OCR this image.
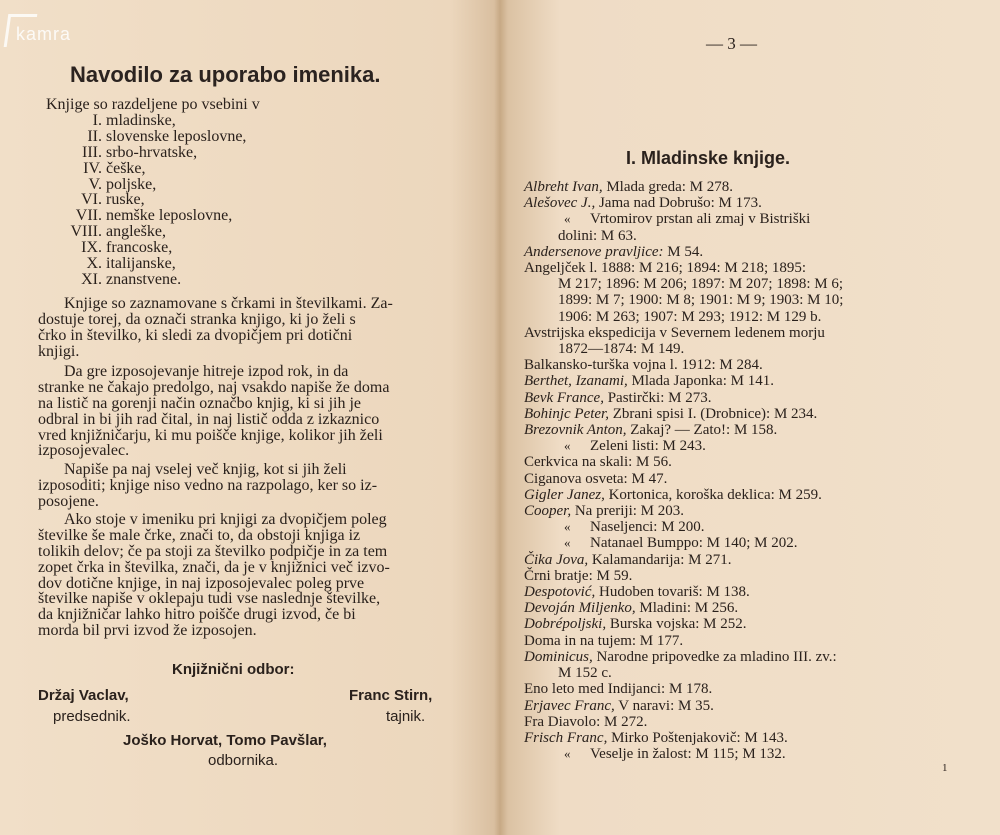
kamra
Navodilo za uporabo imenika.
Knjige so razdeljene po vsebini v
I. mladinske,
II. slovenske leposlovne,
III. srbo-hrvatske,
IV. češke,
V. poljske,
VI. ruske,
VII. nemške leposlovne,
VIII. angleške,
IX. francoske,
X. italijanske,
XI. znanstvene.
Knjige so zaznamovane s črkami in številkami. Za-
dostuje torej, da označi stranka knjigo, ki jo želi s
črko in številko, ki sledi za dvopičjem pri dotični
knjigi.
Da gre izposojevanje hitreje izpod rok, in da
stranke ne čakajo predolgo, naj vsakdo napiše že doma
na listič na gorenji način označbo knjig, ki si jih je
odbral in bi jih rad čital, in naj listič odda z izkaznico
vred knjižničarju, ki mu poišče knjige, kolikor jih želi
izposojevalec.
Napiše pa naj vselej več knjig, kot si jih želi
izposoditi; knjige niso vedno na razpolago, ker so iz-
posojene.
Ako stoje v imeniku pri knjigi za dvopičjem poleg
številke še male črke, znači to, da obstoji knjiga iz
tolikih delov; če pa stoji za številko podpičje in za tem
zopet črka in številka, znači, da je v knjižnici več izvo-
dov dotične knjige, in naj izposojevalec poleg prve
številke napiše v oklepaju tudi vse naslednje številke,
da knjižničar lahko hitro poišče drugi izvod, če bi
morda bil prvi izvod že izposojen.
Knjižnični odbor:
Držaj Vaclav,
predsednik.
Franc Stirn,
tajnik.
Joško Horvat, Tomo Pavšlar,
odbornika.
— 3 —
I. Mladinske knjige.
Albreht Ivan, Mlada greda: M 278.
Alešovec J., Jama nad Dobrušo: M 173.
« Vrtomirov prstan ali zmaj v Bistriški
dolini: M 63.
Andersenove pravljice: M 54.
Angeljček l. 1888: M 216; 1894: M 218; 1895:
M 217; 1896: M 206; 1897: M 207; 1898: M 6;
1899: M 7; 1900: M 8; 1901: M 9; 1903: M 10;
1906: M 263; 1907: M 293; 1912: M 129 b.
Avstrijska ekspedicija v Severnem ledenem morju
1872—1874: M 149.
Balkansko-turška vojna l. 1912: M 284.
Berthet, Izanami, Mlada Japonka: M 141.
Bevk France, Pastirčki: M 273.
Bohinjc Peter, Zbrani spisi I. (Drobnice): M 234.
Brezovnik Anton, Zakaj? — Zato!: M 158.
« Zeleni listi: M 243.
Cerkvica na skali: M 56.
Ciganova osveta: M 47.
Gigler Janez, Kortonica, koroška deklica: M 259.
Cooper, Na preriji: M 203.
« Naseljenci: M 200.
« Natanael Bumppo: M 140; M 202.
Čika Jova, Kalamandarija: M 271.
Črni bratje: M 59.
Despotović, Hudoben tovariš: M 138.
Devoján Miljenko, Mladini: M 256.
Dobrépoljski, Burska vojska: M 252.
Doma in na tujem: M 177.
Dominicus, Narodne pripovedke za mladino III. zv.:
M 152 c.
Eno leto med Indijanci: M 178.
Erjavec Franc, V naravi: M 35.
Fra Diavolo: M 272.
Frisch Franc, Mirko Poštenjakovič: M 143.
« Veselje in žalost: M 115; M 132.
1
